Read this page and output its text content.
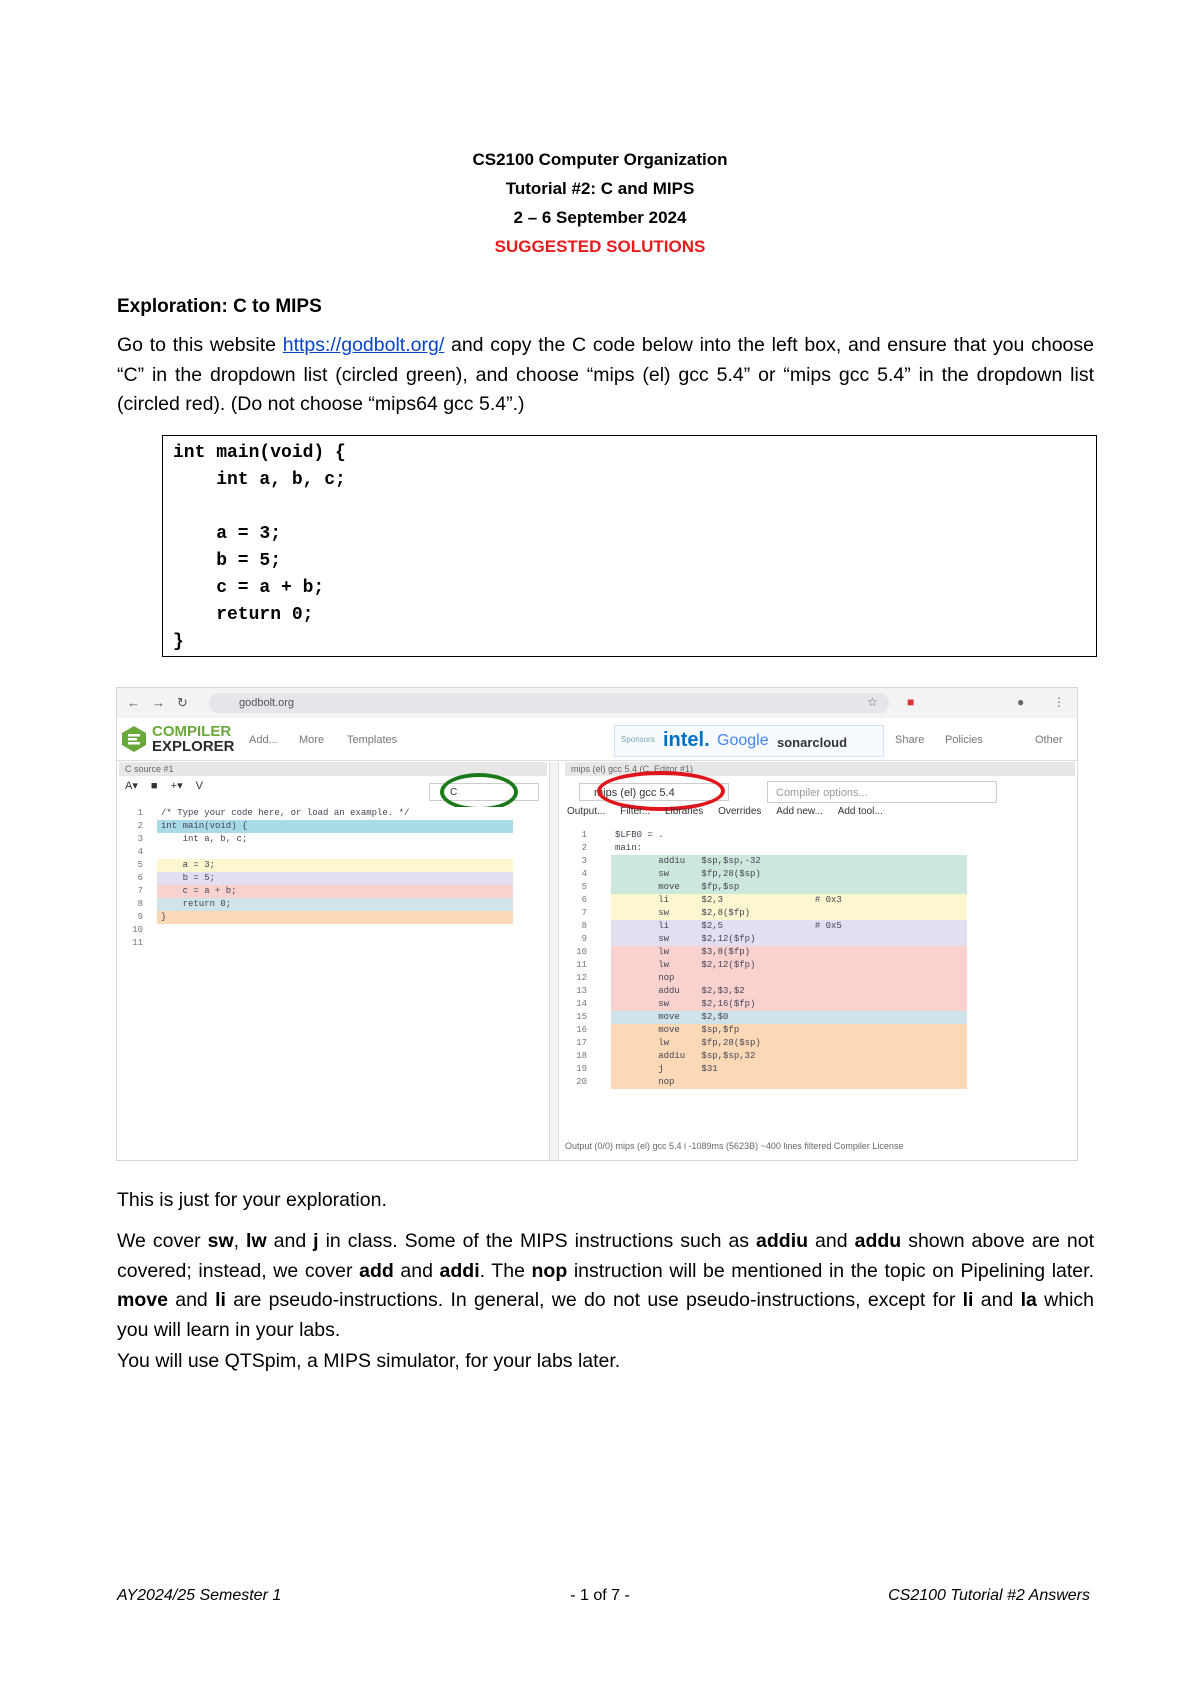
CS2100 Computer Organization
Tutorial #2: C and MIPS
2 – 6 September 2024
SUGGESTED SOLUTIONS
Exploration: C to MIPS
Go to this website https://godbolt.org/ and copy the C code below into the left box, and ensure that you choose “C” in the dropdown list (circled green), and choose “mips (el) gcc 5.4” or “mips gcc 5.4” in the dropdown list (circled red). (Do not choose “mips64 gcc 5.4”.)
int main(void) {
int a, b, c;

a = 3;
b = 5;
c = a + b;
return 0;
}
← → ↻	godbolt.org	☆ ■	● ⋮
COMPILER
EXPLORER Add... More Templates	Sponsors intel. Google sonarcloud	Share Policies	Other
C source #1	mips (el) gcc 5.4 (C, Editor #1)
A▾ ■ +▾ V
C	mips (el) gcc 5.4	Compiler options...
Output... Filter... Libraries Overrides Add new... Add tool...
1	/* Type your code here, or load an example. */
2	int main(void) {
3	int a, b, c;
4
5	a = 3;
6	b = 5;
7	c = a + b;
8	return 0;
9	}
10
11
1	$LFB0 = .
2	main:
3	addiu   $sp,$sp,-32
4	sw      $fp,28($sp)
5	move    $fp,$sp
6	li      $2,3                 # 0x3
7	sw      $2,8($fp)
8	li      $2,5                 # 0x5
9	sw      $2,12($fp)
10	lw      $3,8($fp)
11	lw      $2,12($fp)
12	nop
13	addu    $2,$3,$2
14	sw      $2,16($fp)
15	move    $2,$0
16	move    $sp,$fp
17	lw      $fp,28($sp)
18	addiu   $sp,$sp,32
19	j       $31
20	nop
Output (0/0) mips (el) gcc 5.4 i -1089ms (5623B) ~400 lines filtered Compiler License
This is just for your exploration.
We cover sw, lw and j in class. Some of the MIPS instructions such as addiu and addu shown above are not covered; instead, we cover add and addi. The nop instruction will be mentioned in the topic on Pipelining later. move and li are pseudo-instructions. In general, we do not use pseudo-instructions, except for li and la which you will learn in your labs.
You will use QTSpim, a MIPS simulator, for your labs later.
AY2024/25 Semester 1	- 1 of 7 -	CS2100 Tutorial #2 Answers
